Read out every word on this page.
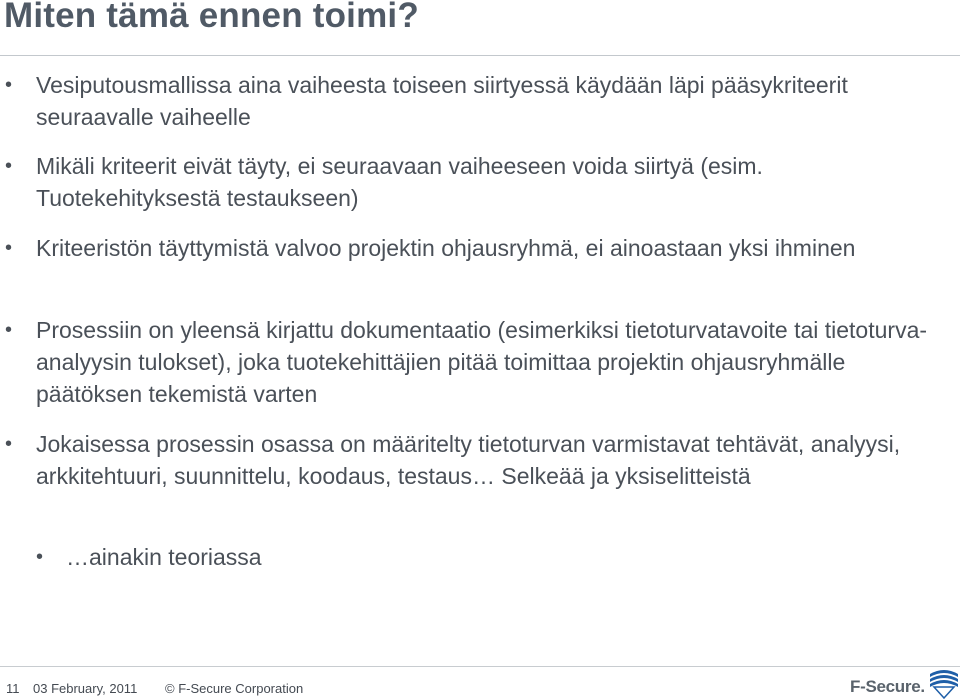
Miten tämä ennen toimi?
• Vesiputousmallissa aina vaiheesta toiseen siirtyessä käydään läpi pääsykriteerit seuraavalle vaiheelle
• Mikäli kriteerit eivät täyty, ei seuraavaan vaiheeseen voida siirtyä (esim. Tuotekehityksestä testaukseen)
• Kriteeristön täyttymistä valvoo projektin ohjausryhmä, ei ainoastaan yksi ihminen
• Prosessiin on yleensä kirjattu dokumentaatio (esimerkiksi tietoturvatavoite tai tietoturva-analyysin tulokset), joka tuotekehittäjien pitää toimittaa projektin ohjausryhmälle päätöksen tekemistä varten
• Jokaisessa prosessin osassa on määritelty tietoturvan varmistavat tehtävät, analyysi, arkkitehtuuri, suunnittelu, koodaus, testaus… Selkeää ja yksiselitteistä
• …ainakin teoriassa
11 03 February, 2011 © F-Secure Corporation	F-Secure.
